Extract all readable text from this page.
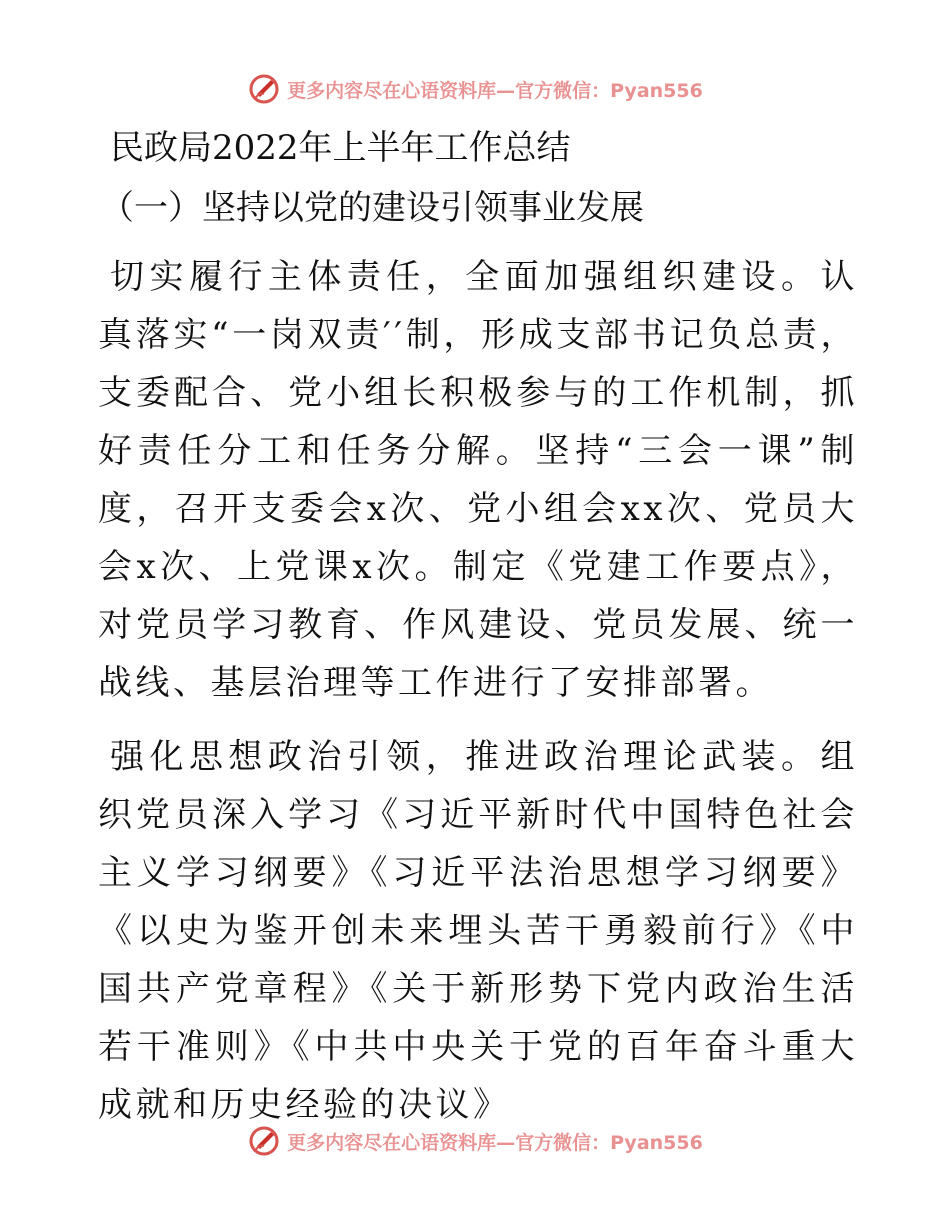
更多内容尽在心语资料库—官方微信：Pyan556
民政局2022年上半年工作总结
（一）坚持以党的建设引领事业发展

切实履行主体责任，全面加强组织建设。认真落实“一岗双责′′制，形成支部书记负总责，支委配合、党小组长积极参与的工作机制，抓好责任分工和任务分解。坚持“三会一课”制度，召开支委会x次、党小组会xx次、党员大会x次、上党课x次。制定《党建工作要点》，对党员学习教育、作风建设、党员发展、统一战线、基层治理等工作进行了安排部署。

强化思想政治引领，推进政治理论武装。组织党员深入学习《习近平新时代中国特色社会主义学习纲要》《习近平法治思想学习纲要》《以史为鉴开创未来埋头苦干勇毅前行》《中国共产党章程》《关于新形势下党内政治生活若干准则》《中共中央关于党的百年奋斗重大成就和历史经验的决议》

更多内容尽在心语资料库—官方微信：Pyan556
